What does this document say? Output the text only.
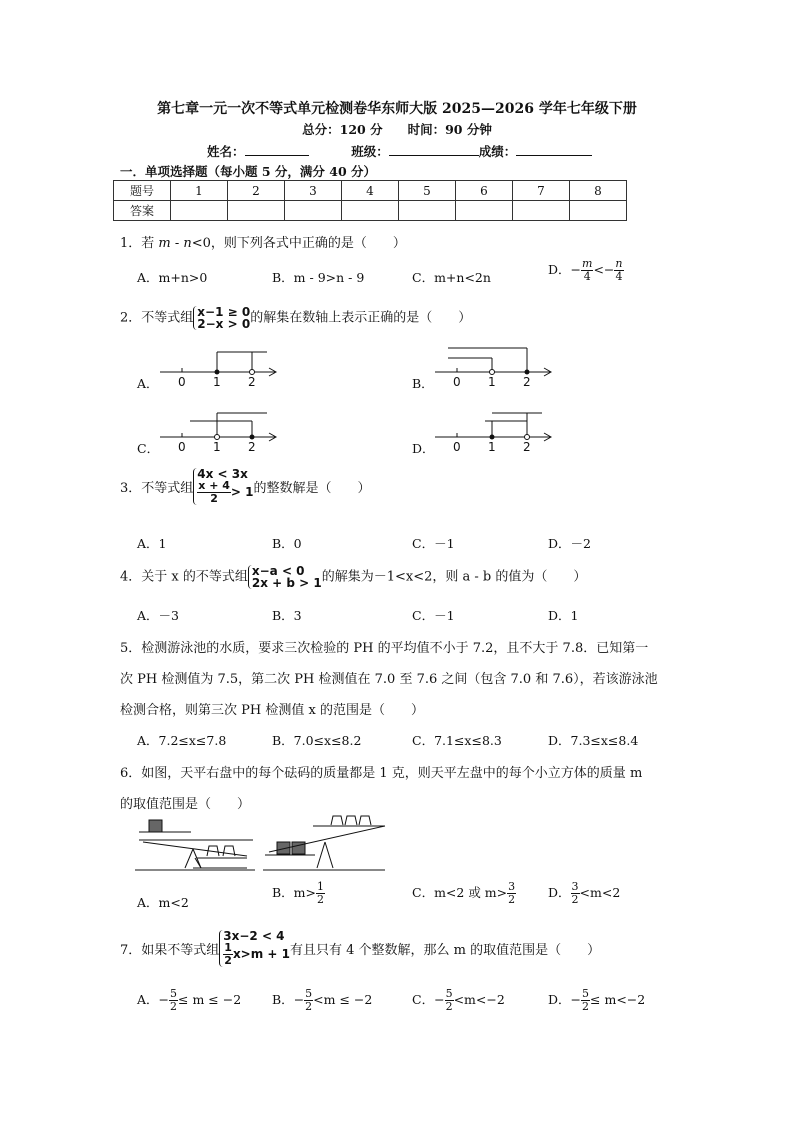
第七章一元一次不等式单元检测卷华东师大版 2025—2026 学年七年级下册
总分：120 分　　时间：90 分钟
姓名：	班级：	成绩：
一．单项选择题（每小题 5 分，满分 40 分）
题号	1	2	3	4	5	6	7	8
答案								
1．若 m - n<0，则下列各式中正确的是（　　）
A．m+n>0	B．m - 9>n - 9	C．m+n<2n
D．− $\frac{m}{4} <- \frac{n}{4}$
2．不等式组 x−1 ≥ 0
2−x > 0 的解集在数轴上表示正确的是（　　）
A．	B．
C．	D．
0 1 2	0 1 2
0 1 2	0 1 2
3．不等式组
4x < 3x
$\frac{x + 4}{2} > 1$ 的整数解是（　　）
A．1	B．0	C．－1	D．－2
4．关于 x 的不等式组 x−a < 0
2x + b > 1 的解集为－1<x<2，则 a - b 的值为（　　）
A．－3	B．3	C．－1	D．1
5．检测游泳池的水质，要求三次检验的 PH 的平均值不小于 7.2，且不大于 7.8．已知第一
次 PH 检测值为 7.5，第二次 PH 检测值在 7.0 至 7.6 之间（包含 7.0 和 7.6），若该游泳池
检测合格，则第三次 PH 检测值 x 的范围是（　　）
A．7.2≤x≤7.8	B．7.0≤x≤8.2	C．7.1≤x≤8.3	D．7.3≤x≤8.4
6．如图，天平右盘中的每个砝码的质量都是 1 克，则天平左盘中的每个小立方体的质量 m
的取值范围是（　　）
A．m<2
B．$m> \frac{1}{2}$	C．m<2 或 $m> \frac{3}{2}$	D． $\frac{3}{2} <m<2$
7．如果不等式组
3x−2 < 4
$\frac{1}{2} x>m + 1$ 有且只有 4 个整数解，那么 m 的取值范围是（　　）
A．− $\frac{5}{2} \le m \le -2$ B．− $\frac{5}{2} <m \le -2$	C．− $\frac{5}{2} <m<-2$	D．− $\frac{5}{2} \le m<-2$
